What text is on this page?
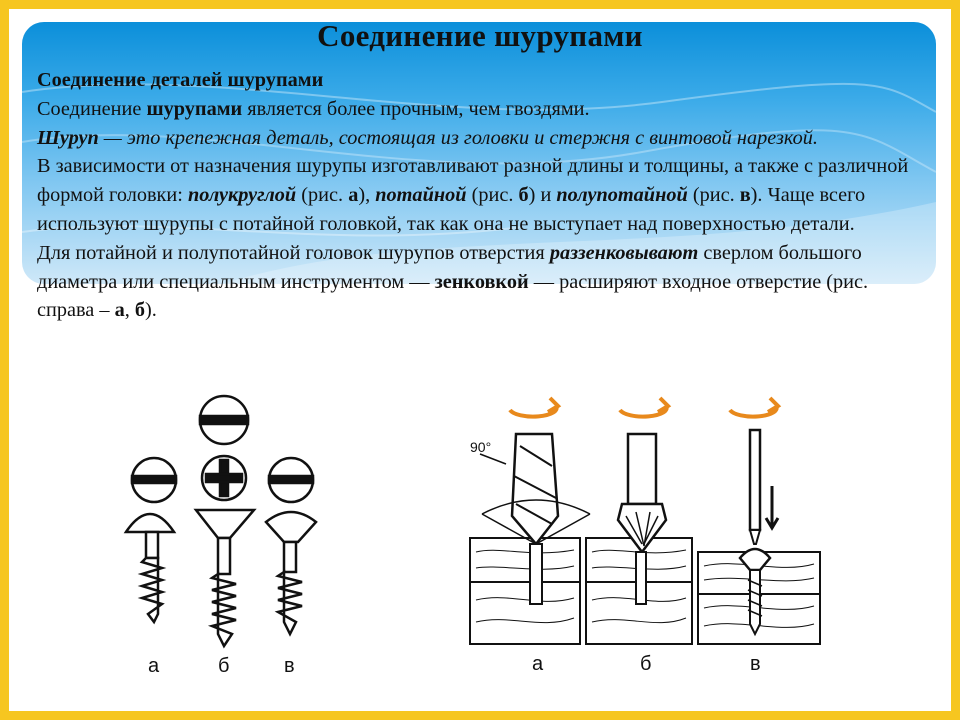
Соединение шурупами

Соединение деталей шурупами

Соединение шурупами является более прочным, чем гвоздями.

Шуруп — это крепежная деталь, состоящая из головки и стержня с винтовой нарезкой.

В зависимости от назначения шурупы изготавливают разной длины и толщины, а также с различной формой головки: полукруглой (рис. а), потайной (рис. б) и полупотайной (рис. в). Чаще всего используют шурупы с потайной головкой, так как она не выступает над поверхностью детали.

Для потайной и полупотайной головок шурупов отверстия раззенковывают сверлом большого диаметра или специальным инструментом — зенковкой — расширяют входное отверстие (рис. справа – а, б).

а	б	в
90°
а	б	в
